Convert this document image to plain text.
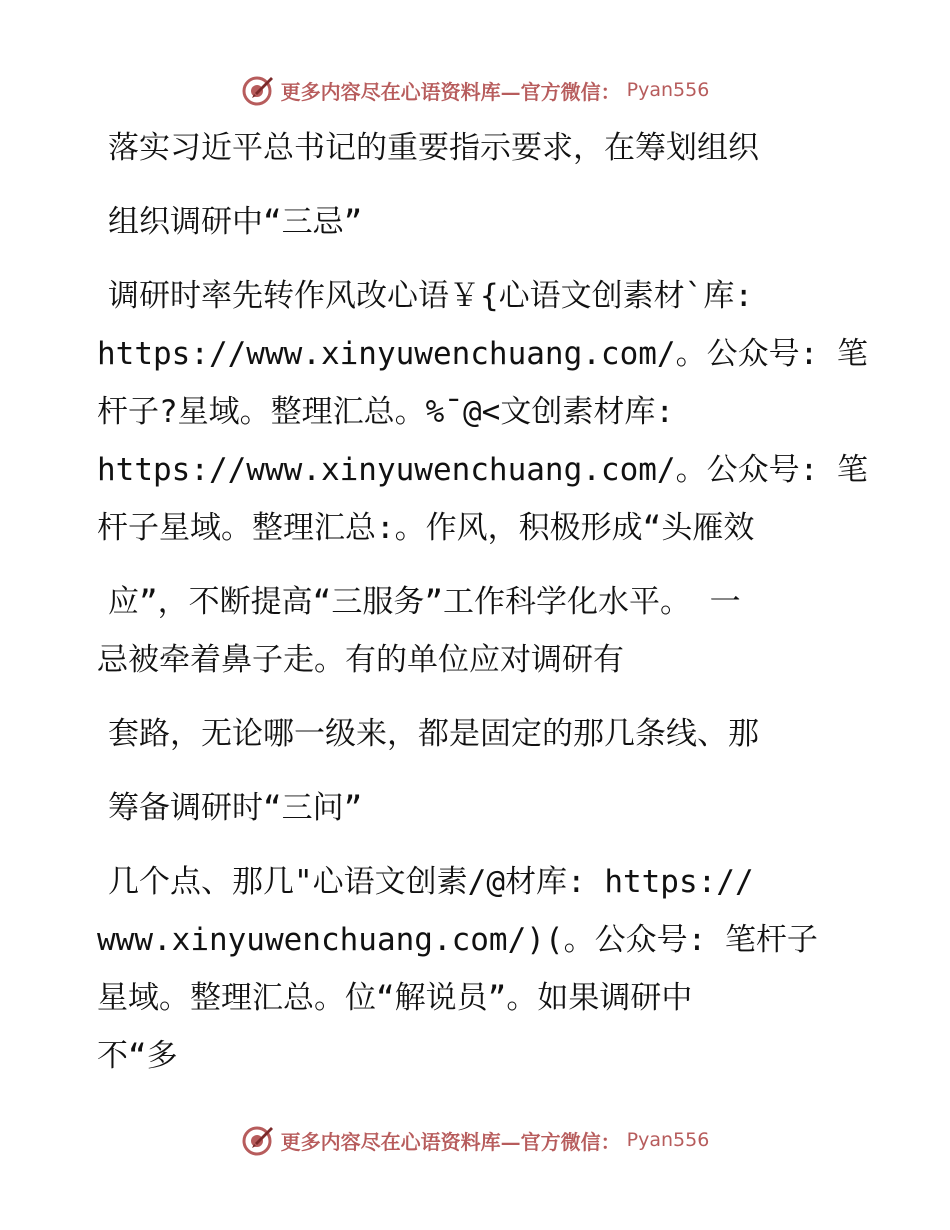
更多内容尽在心语资料库—官方微信： Pyan556
落实习近平总书记的重要指示要求，在筹划组织
组织调研中“三忌”
调研时率先转作风改心语￥{心语文创素材`库:
https://www.xinyuwenchuang.com/。公众号: 笔
杆子?星域。整理汇总。%¯@<文创素材库:
https://www.xinyuwenchuang.com/。公众号: 笔
杆子星域。整理汇总:。作风，积极形成“头雁效
应”，不断提高“三服务”工作科学化水平。 一
忌被牵着鼻子走。有的单位应对调研有
套路，无论哪一级来，都是固定的那几条线、那
筹备调研时“三问”
几个点、那几"心语文创素/@材库: https://
www.xinyuwenchuang.com/)(。公众号: 笔杆子
星域。整理汇总。位“解说员”。如果调研中
不“多
更多内容尽在心语资料库—官方微信： Pyan556
